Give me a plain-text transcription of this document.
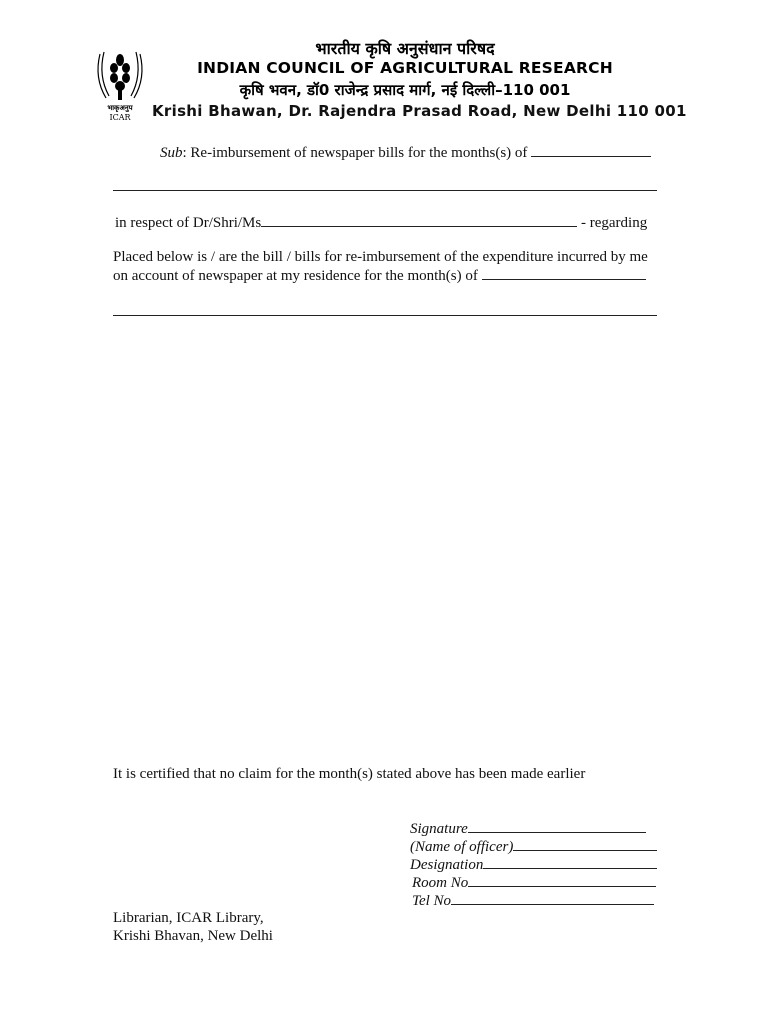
भाकृअनुप
ICAR
भारतीय कृषि अनुसंधान परिषद
INDIAN COUNCIL OF AGRICULTURAL RESEARCH
कृषि भवन, डॉ0 राजेन्द्र प्रसाद मार्ग, नई दिल्ली–110 001
Krishi Bhawan, Dr. Rajendra Prasad Road, New Delhi 110 001
Sub: Re-imbursement of newspaper bills for the months(s) of
in respect of Dr/Shri/Ms	- regarding
Placed below is / are the bill / bills for re-imbursement of the expenditure incurred by me
on account of newspaper at my residence for the month(s) of
It is certified that no claim for the month(s) stated above has been made earlier
Signature
(Name of officer)
Designation
Room No
Tel No
Librarian, ICAR Library,
Krishi Bhavan, New Delhi
